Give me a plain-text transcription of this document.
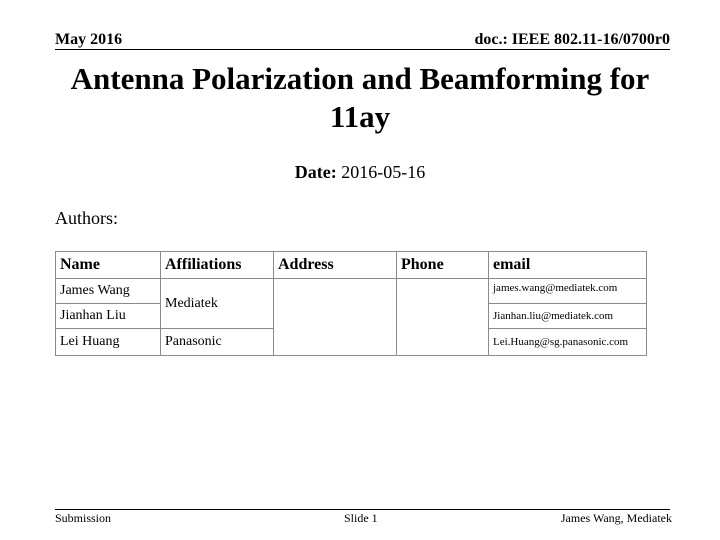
May 2016	doc.: IEEE 802.11-16/0700r0
Antenna Polarization and Beamforming for 11ay
Date: 2016-05-16
Authors:
Name	Affiliations	Address	Phone	email
James Wang	Mediatek			james.wang@mediatek.com
Jianhan Liu				Jianhan.liu@mediatek.com
Lei Huang	Panasonic			Lei.Huang@sg.panasonic.com
Submission	Slide 1	James Wang, Mediatek
